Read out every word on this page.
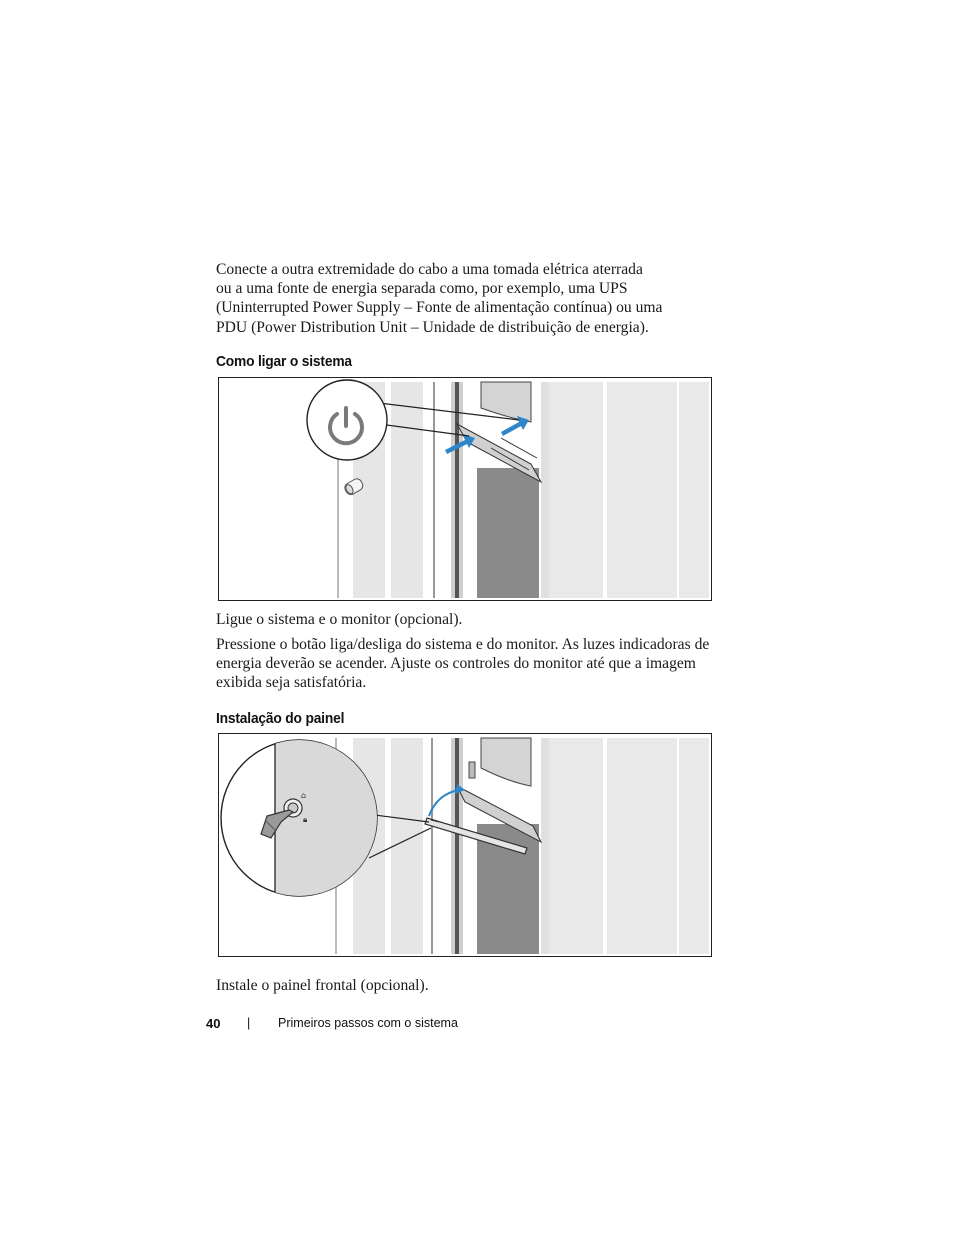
Conecte a outra extremidade do cabo a uma tomada elétrica aterrada
ou a uma fonte de energia separada como, por exemplo, uma UPS
(Uninterrupted Power Supply – Fonte de alimentação contínua) ou uma
PDU (Power Distribution Unit – Unidade de distribuição de energia).
Como ligar o sistema
Ligue o sistema e o monitor (opcional).
Pressione o botão liga/desliga do sistema e do monitor. As luzes indicadoras de
energia deverão se acender. Ajuste os controles do monitor até que a imagem
exibida seja satisfatória.
Instalação do painel
⌂
🔒︎
Instale o painel frontal (opcional).
40 | Primeiros passos com o sistema
